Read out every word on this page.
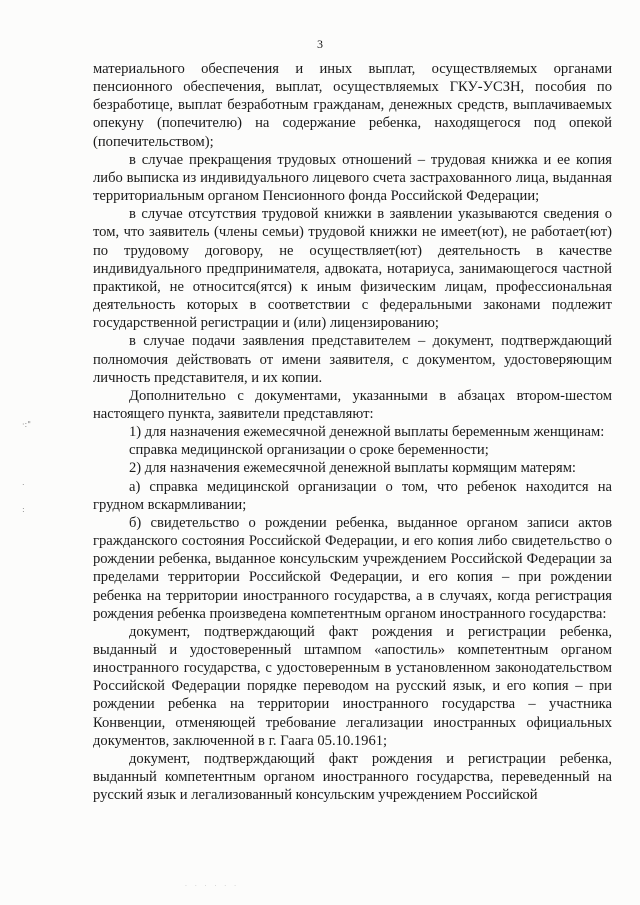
3

материального обеспечения и иных выплат, осуществляемых органами пенсионного обеспечения, выплат, осуществляемых ГКУ-УСЗН, пособия по безработице, выплат безработным гражданам, денежных средств, выплачиваемых опекуну (попечителю) на содержание ребенка, находящегося под опекой (попечительством);

в случае прекращения трудовых отношений – трудовая книжка и ее копия либо выписка из индивидуального лицевого счета застрахованного лица, выданная территориальным органом Пенсионного фонда Российской Федерации;

в случае отсутствия трудовой книжки в заявлении указываются сведения о том, что заявитель (члены семьи) трудовой книжки не имеет(ют), не работает(ют) по трудовому договору, не осуществляет(ют) деятельность в качестве индивидуального предпринимателя, адвоката, нотариуса, занимающегося частной практикой, не относится(ятся) к иным физическим лицам, профессиональная деятельность которых в соответствии с федеральными законами подлежит государственной регистрации и (или) лицензированию;

в случае подачи заявления представителем – документ, подтверждающий полномочия действовать от имени заявителя, с документом, удостоверяющим личность представителя, и их копии.

Дополнительно с документами, указанными в абзацах втором-шестом настоящего пункта, заявители представляют:

1) для назначения ежемесячной денежной выплаты беременным женщинам:

справка медицинской организации о сроке беременности;

2) для назначения ежемесячной денежной выплаты кормящим матерям:

а) справка медицинской организации о том, что ребенок находится на грудном вскармливании;

б) свидетельство о рождении ребенка, выданное органом записи актов гражданского состояния Российской Федерации, и его копия либо свидетельство о рождении ребенка, выданное консульским учреждением Российской Федерации за пределами территории Российской Федерации, и его копия – при рождении ребенка на территории иностранного государства, а в случаях, когда регистрация рождения ребенка произведена компетентным органом иностранного государства:

документ, подтверждающий факт рождения и регистрации ребенка, выданный и удостоверенный штампом «апостиль» компетентным органом иностранного государства, с удостоверенным в установленном законодательством Российской Федерации порядке переводом на русский язык, и его копия – при рождении ребенка на территории иностранного государства – участника Конвенции, отменяющей требование легализации иностранных официальных документов, заключенной в г. Гаага 05.10.1961;

документ, подтверждающий факт рождения и регистрации ребенка, выданный компетентным органом иностранного государства, переведенный на русский язык и легализованный консульским учреждением Российской

·:"
.
:
· · · · · ·
